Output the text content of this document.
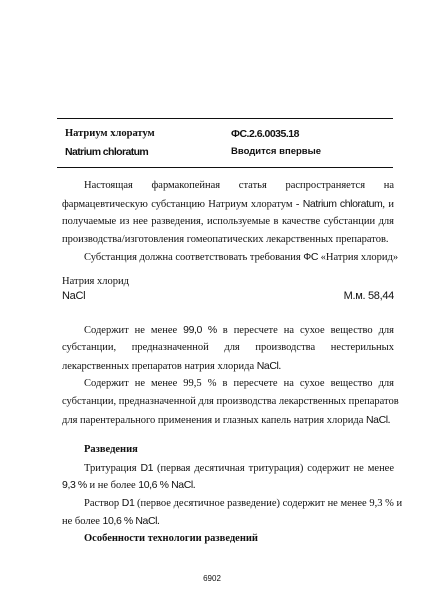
Натриум хлоратум
Natrium chloratum
ФС.2.6.0035.18
Вводится впервые
Настоящая фармакопейная статья распространяется на
фармацевтическую субстанцию Натриум хлоратум - Natrium chloratum, и
получаемые из нее разведения, используемые в качестве субстанции для
производства/изготовления гомеопатических лекарственных препаратов.
Субстанция должна соответствовать требования ФС «Натрия хлорид»
Натрия хлорид
NaCl	М.м. 58,44
Содержит не менее 99,0 % в пересчете на сухое вещество для
субстанции, предназначенной для производства нестерильных
лекарственных препаратов натрия хлорида NaCl.
Содержит не менее 99,5 % в пересчете на сухое вещество для
субстанции, предназначенной для производства лекарственных препаратов
для парентерального применения и глазных капель натрия хлорида NaCl.
Разведения
Тритурация D1 (первая десятичная тритурация) содержит не менее
9,3 % и не более 10,6 % NaCl.
Раствор D1 (первое десятичное разведение) содержит не менее 9,3 % и
не более 10,6 % NaCl.
Особенности технологии разведений
6902
